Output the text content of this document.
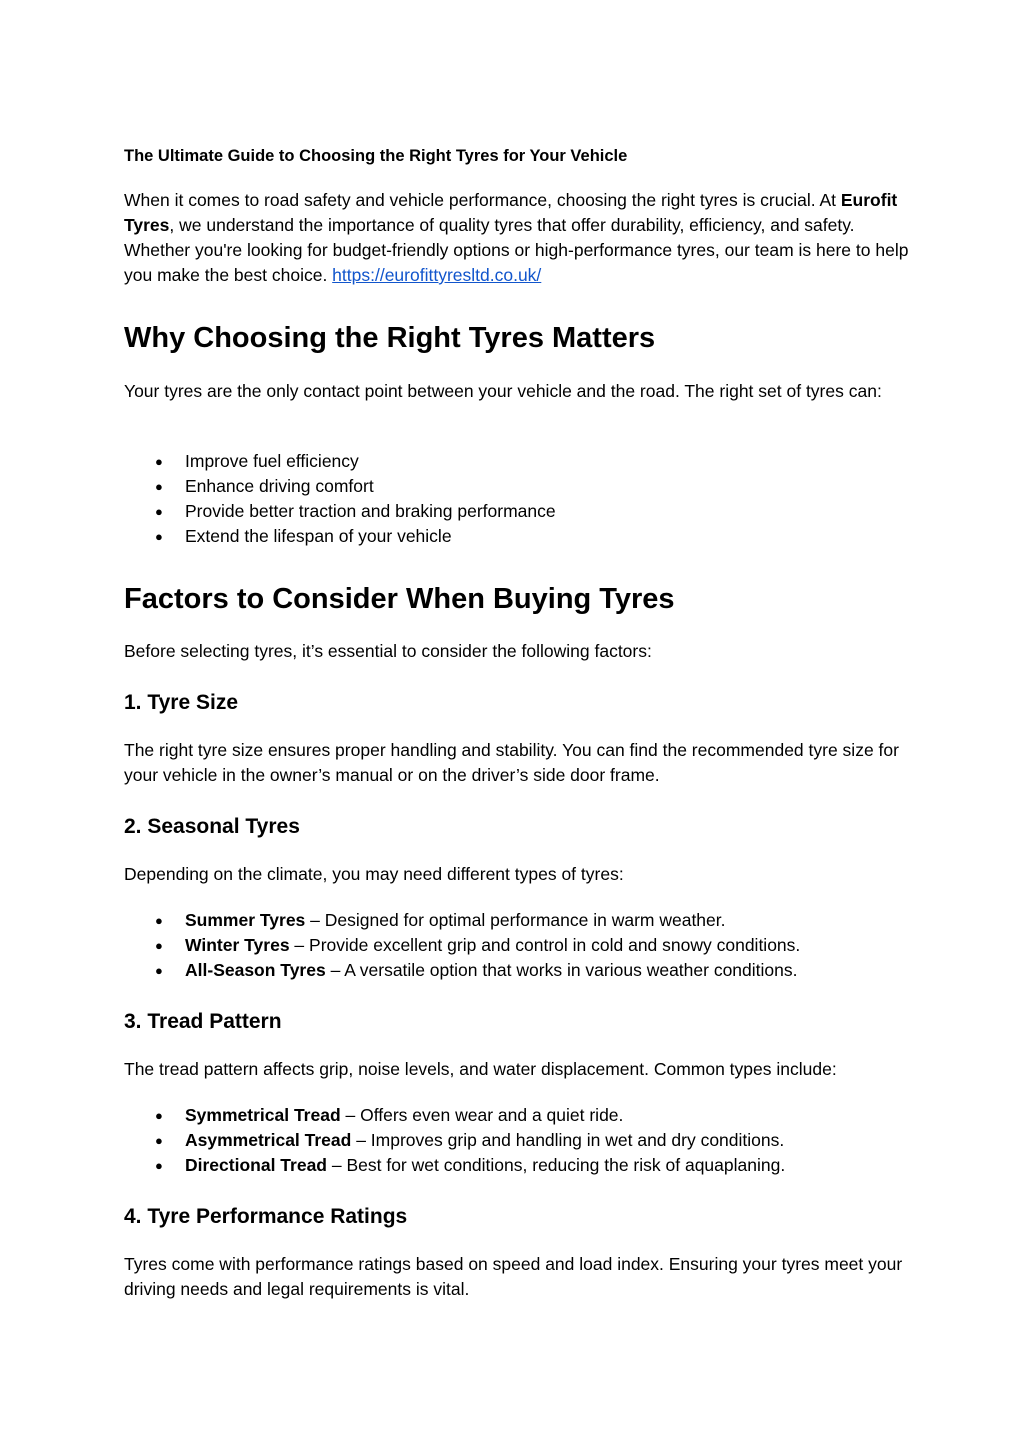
The Ultimate Guide to Choosing the Right Tyres for Your Vehicle

When it comes to road safety and vehicle performance, choosing the right tyres is crucial. At Eurofit Tyres, we understand the importance of quality tyres that offer durability, efficiency, and safety. Whether you're looking for budget-friendly options or high-performance tyres, our team is here to help you make the best choice. https://eurofittyresltd.co.uk/

Why Choosing the Right Tyres Matters

Your tyres are the only contact point between your vehicle and the road. The right set of tyres can:

● Improve fuel efficiency
● Enhance driving comfort
● Provide better traction and braking performance
● Extend the lifespan of your vehicle
Factors to Consider When Buying Tyres

Before selecting tyres, it’s essential to consider the following factors:

1. Tyre Size

The right tyre size ensures proper handling and stability. You can find the recommended tyre size for your vehicle in the owner’s manual or on the driver’s side door frame.

2. Seasonal Tyres

Depending on the climate, you may need different types of tyres:

● Summer Tyres – Designed for optimal performance in warm weather.
● Winter Tyres – Provide excellent grip and control in cold and snowy conditions.
● All-Season Tyres – A versatile option that works in various weather conditions.
3. Tread Pattern

The tread pattern affects grip, noise levels, and water displacement. Common types include:

● Symmetrical Tread – Offers even wear and a quiet ride.
● Asymmetrical Tread – Improves grip and handling in wet and dry conditions.
● Directional Tread – Best for wet conditions, reducing the risk of aquaplaning.
4. Tyre Performance Ratings

Tyres come with performance ratings based on speed and load index. Ensuring your tyres meet your driving needs and legal requirements is vital.
